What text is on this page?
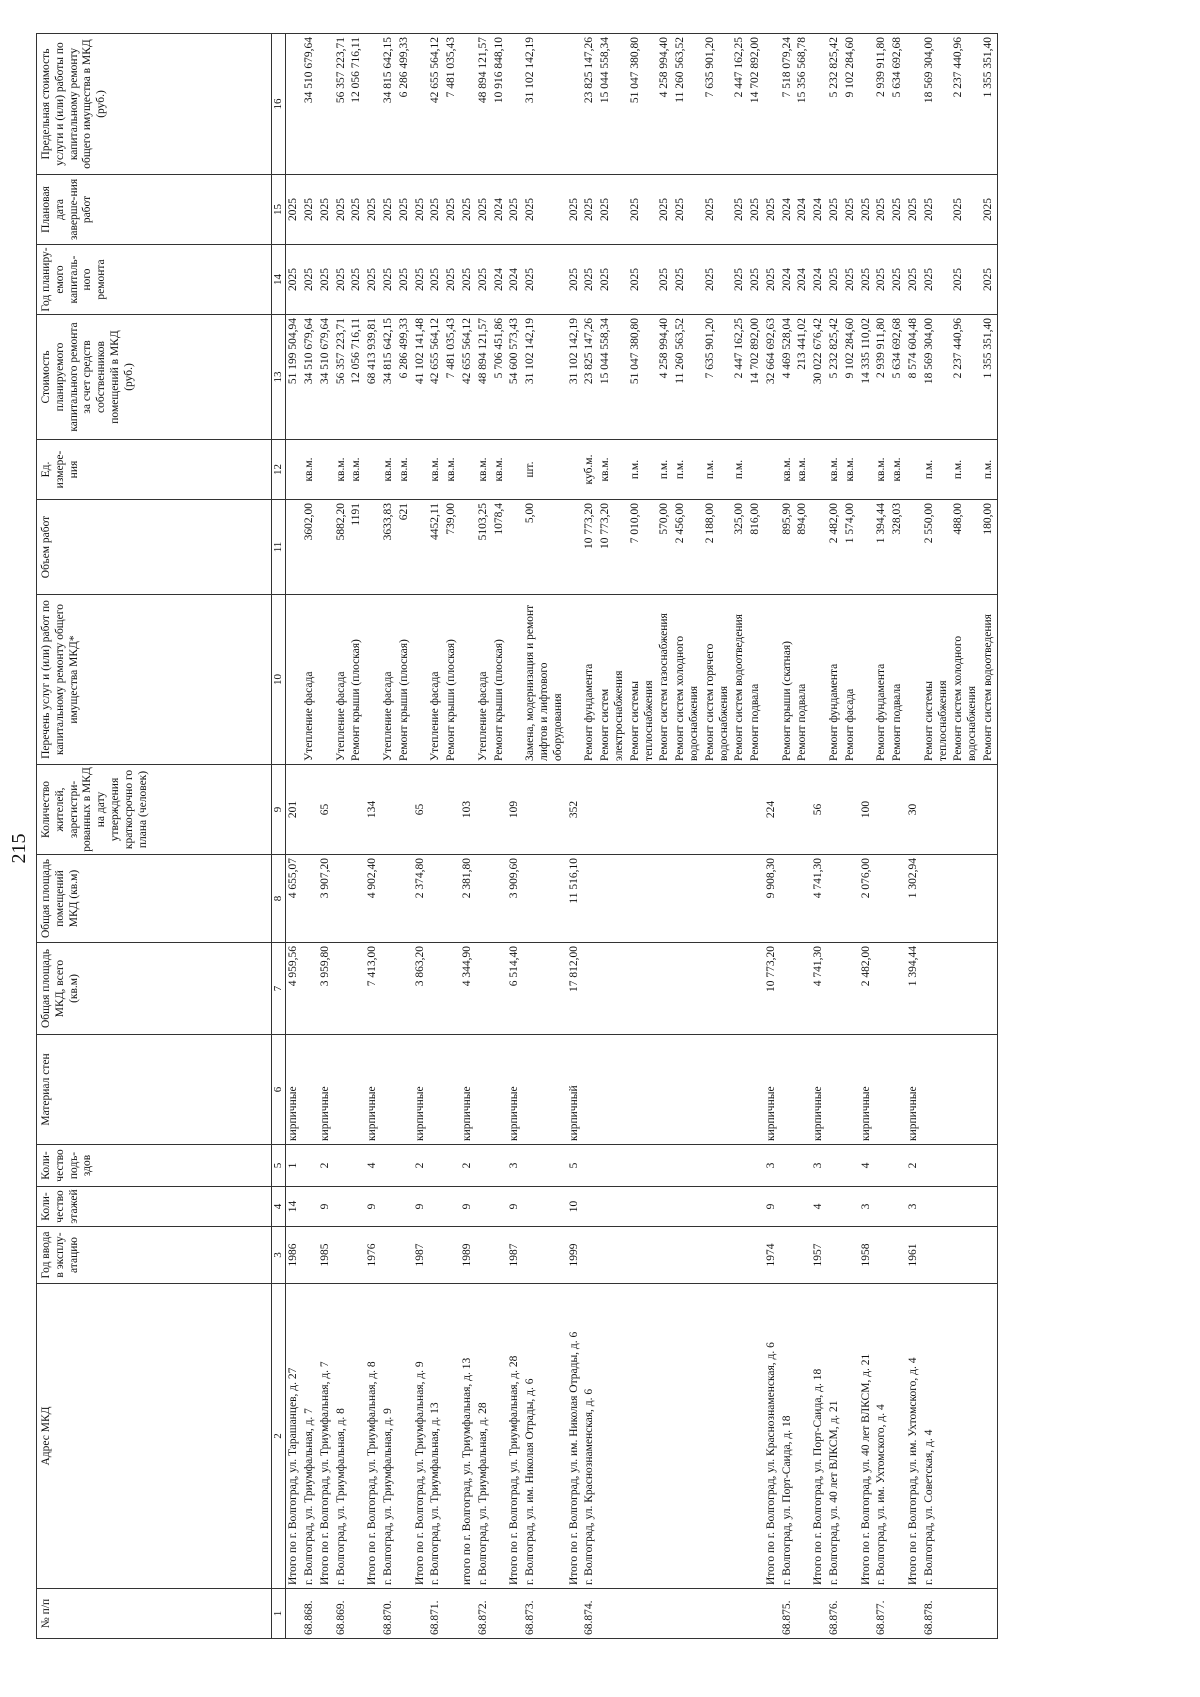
215
№ п/п	Адрес МКД	Год ввода в эксплу-атацию	Коли-чество этажей	Коли-чество подъ-здов	Материал стен	Общая площадь МКД, всего (кв.м)	Общая площадь помещений МКД (кв.м)	Количество жителей, зарегистри-рованных в МКД на дату утверждения краткосрочно го плана (человек)	Перечень услуг и (или) работ по капитальному ремонту общего имущества МКД*	Объем работ	Ед. измере-ния	Стоимость планируемого капитального ремонта за счет средств собственников помещений в МКД (руб.)	Год планиру-емого капиталь-ного ремонта	Плановая дата заверше-ния работ	Предельная стоимость услуги и (или) работы по капитальному ремонту общего имущества в МКД (руб.)
1	2	3	4	5	6	7	8	9	10	11	12	13	14	15	16
	Итого по г. Волгоград, ул. Тарашанцев, д. 27	1986	14	1	кирпичные	4 959,56	4 655,07	201				51 199 504,94	2025	2025	
68.868.	г. Волгоград, ул. Триумфальная, д. 7								Утепление фасада	3602,00	кв.м.	34 510 679,64	2025	2025	34 510 679,64
	Итого по г. Волгоград, ул. Триумфальная, д. 7	1985	9	2	кирпичные	3 959,80	3 907,20	65				34 510 679,64	2025	2025	
68.869.	г. Волгоград, ул. Триумфальная, д. 8								Утепление фасада	5882,20	кв.м.	56 357 223,71	2025	2025	56 357 223,71
									Ремонт крыши (плоская)	1191	кв.м.	12 056 716,11	2025	2025	12 056 716,11
	Итого по г. Волгоград, ул. Триумфальная, д. 8	1976	9	4	кирпичные	7 413,00	4 902,40	134				68 413 939,81	2025	2025	
68.870.	г. Волгоград, ул. Триумфальная, д. 9								Утепление фасада	3633,83	кв.м.	34 815 642,15	2025	2025	34 815 642,15
									Ремонт крыши (плоская)	621	кв.м.	6 286 499,33	2025	2025	6 286 499,33
	Итого по г. Волгоград, ул. Триумфальная, д. 9	1987	9	2	кирпичные	3 863,20	2 374,80	65				41 102 141,48	2025	2025	
68.871.	г. Волгоград, ул. Триумфальная, д. 13								Утепление фасада	4452,11	кв.м.	42 655 564,12	2025	2025	42 655 564,12
									Ремонт крыши (плоская)	739,00	кв.м.	7 481 035,43	2025	2025	7 481 035,43
	итого по г. Волгоград, ул. Триумфальная, д. 13	1989	9	2	кирпичные	4 344,90	2 381,80	103				42 655 564,12	2025	2025	
68.872.	г. Волгоград, ул. Триумфальная, д. 28								Утепление фасада	5103,25	кв.м.	48 894 121,57	2025	2025	48 894 121,57
									Ремонт крыши (плоская)	1078,4	кв.м.	5 706 451,86	2024	2024	10 916 848,10
	Итого по г. Волгоград, ул. Триумфальная, д. 28	1987	9	3	кирпичные	6 514,40	3 909,60	109				54 600 573,43	2024	2025	
68.873.	г. Волгоград, ул. им. Николая Отрады, д. 6								Замена, модернизация и ремонт лифтов и лифтового оборудования	5,00	шт.	31 102 142,19	2025	2025	31 102 142,19
	Итого по г. Волгоград, ул. им. Николая Отрады, д. 6	1999	10	5	кирпичный	17 812,00	11 516,10	352				31 102 142,19	2025	2025	
68.874.	г. Волгоград, ул. Краснознаменская, д. 6								Ремонт фундамента	10 773,20	куб.м.	23 825 147,26	2025	2025	23 825 147,26
									Ремонт систем электроснабжения	10 773,20	кв.м.	15 044 558,34	2025	2025	15 044 558,34
									Ремонт системы теплоснабжения	7 010,00	п.м.	51 047 380,80	2025	2025	51 047 380,80
									Ремонт систем газоснабжения	570,00	п.м.	4 258 994,40	2025	2025	4 258 994,40
									Ремонт систем холодного водоснабжения	2 456,00	п.м.	11 260 563,52	2025	2025	11 260 563,52
									Ремонт систем горячего водоснабжения	2 188,00	п.м.	7 635 901,20	2025	2025	7 635 901,20
									Ремонт систем водоотведения	325,00	п.м.	2 447 162,25	2025	2025	2 447 162,25
									Ремонт подвала	816,00		14 702 892,00	2025	2025	14 702 892,00
	Итого по г. Волгоград, ул. Краснознаменская, д. 6	1974	9	3	кирпичные	10 773,20	9 908,30	224				32 664 692,63	2025	2025	
68.875.	г. Волгоград, ул. Порт-Саида, д. 18								Ремонт крыши (скатная)	895,90	кв.м.	4 469 528,04	2024	2024	7 518 079,24
									Ремонт подвала	894,00	кв.м.	213 441,02	2024	2024	15 356 568,78
	Итого по г. Волгоград, ул. Порт-Саида, д. 18	1957	4	3	кирпичные	4 741,30	4 741,30	56				30 022 676,42	2024	2024	
68.876.	г. Волгоград, ул. 40 лет ВЛКСМ, д. 21								Ремонт фундамента	2 482,00	кв.м.	5 232 825,42	2025	2025	5 232 825,42
									Ремонт фасада	1 574,00	кв.м.	9 102 284,60	2025	2025	9 102 284,60
	Итого по г. Волгоград, ул. 40 лет ВЛКСМ, д. 21	1958	3	4	кирпичные	2 482,00	2 076,00	100				14 335 110,02	2025	2025	
68.877.	г. Волгоград, ул. им. Ухтомского, д. 4								Ремонт фундамента	1 394,44	кв.м.	2 939 911,80	2025	2025	2 939 911,80
									Ремонт подвала	328,03	кв.м.	5 634 692,68	2025	2025	5 634 692,68
	Итого по г. Волгоград, ул. им. Ухтомского, д. 4	1961	3	2	кирпичные	1 394,44	1 302,94	30				8 574 604,48	2025	2025	
68.878.	г. Волгоград, ул. Советская, д. 4								Ремонт системы теплоснабжения	2 550,00	п.м.	18 569 304,00	2025	2025	18 569 304,00
									Ремонт систем холодного водоснабжения	488,00	п.м.	2 237 440,96	2025	2025	2 237 440,96
									Ремонт систем водоотведения	180,00	п.м.	1 355 351,40	2025	2025	1 355 351,40
